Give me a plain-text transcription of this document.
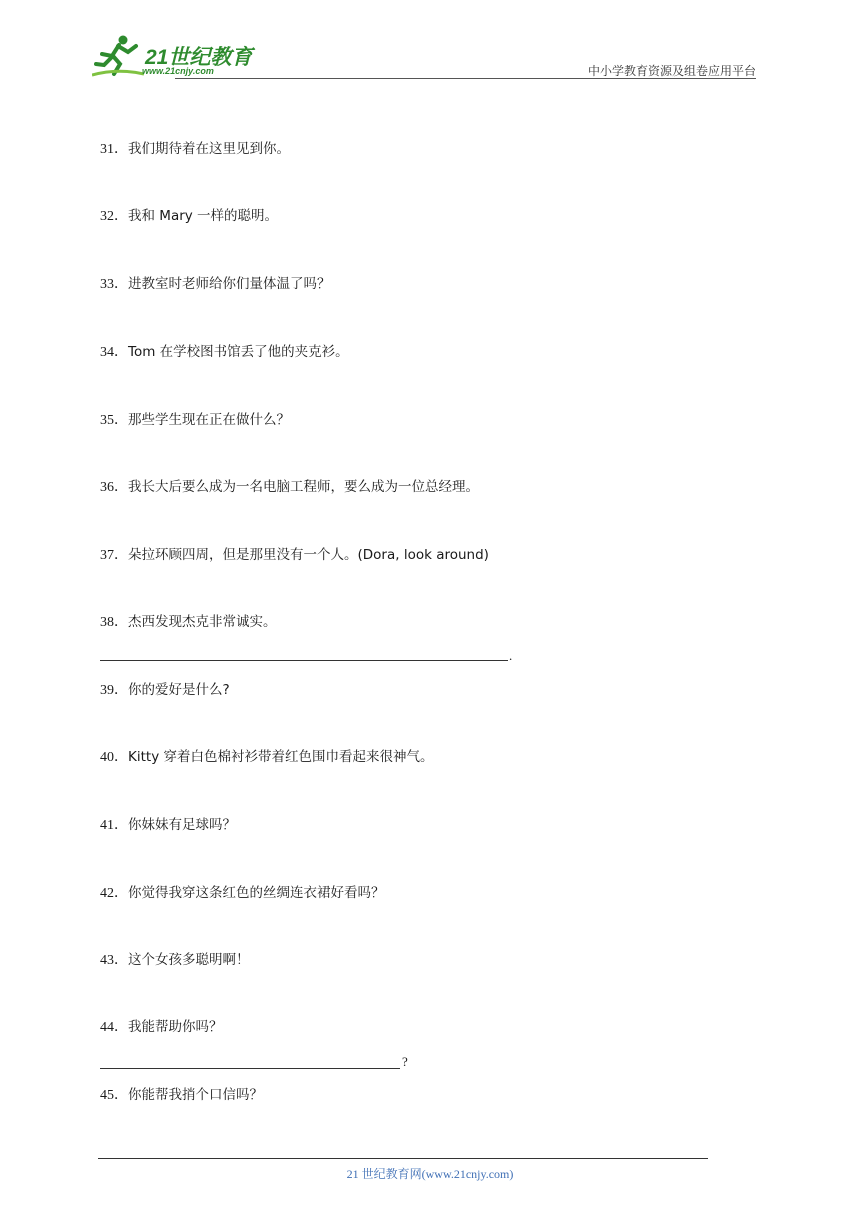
21世纪教育
www.21cnjy.com	中小学教育资源及组卷应用平台
31．我们期待着在这里见到你。
32．我和 Mary 一样的聪明。
33．进教室时老师给你们量体温了吗？
34．Tom 在学校图书馆丢了他的夹克衫。
35．那些学生现在正在做什么？
36．我长大后要么成为一名电脑工程师，要么成为一位总经理。
37．朵拉环顾四周，但是那里没有一个人。(Dora, look around)
38．杰西发现杰克非常诚实。
.
39．你的爱好是什么?
40．Kitty 穿着白色棉衬衫带着红色围巾看起来很神气。
41．你妹妹有足球吗？
42．你觉得我穿这条红色的丝绸连衣裙好看吗？
43．这个女孩多聪明啊！
44．我能帮助你吗？
?
45．你能帮我捎个口信吗？
21 世纪教育网(www.21cnjy.com)
